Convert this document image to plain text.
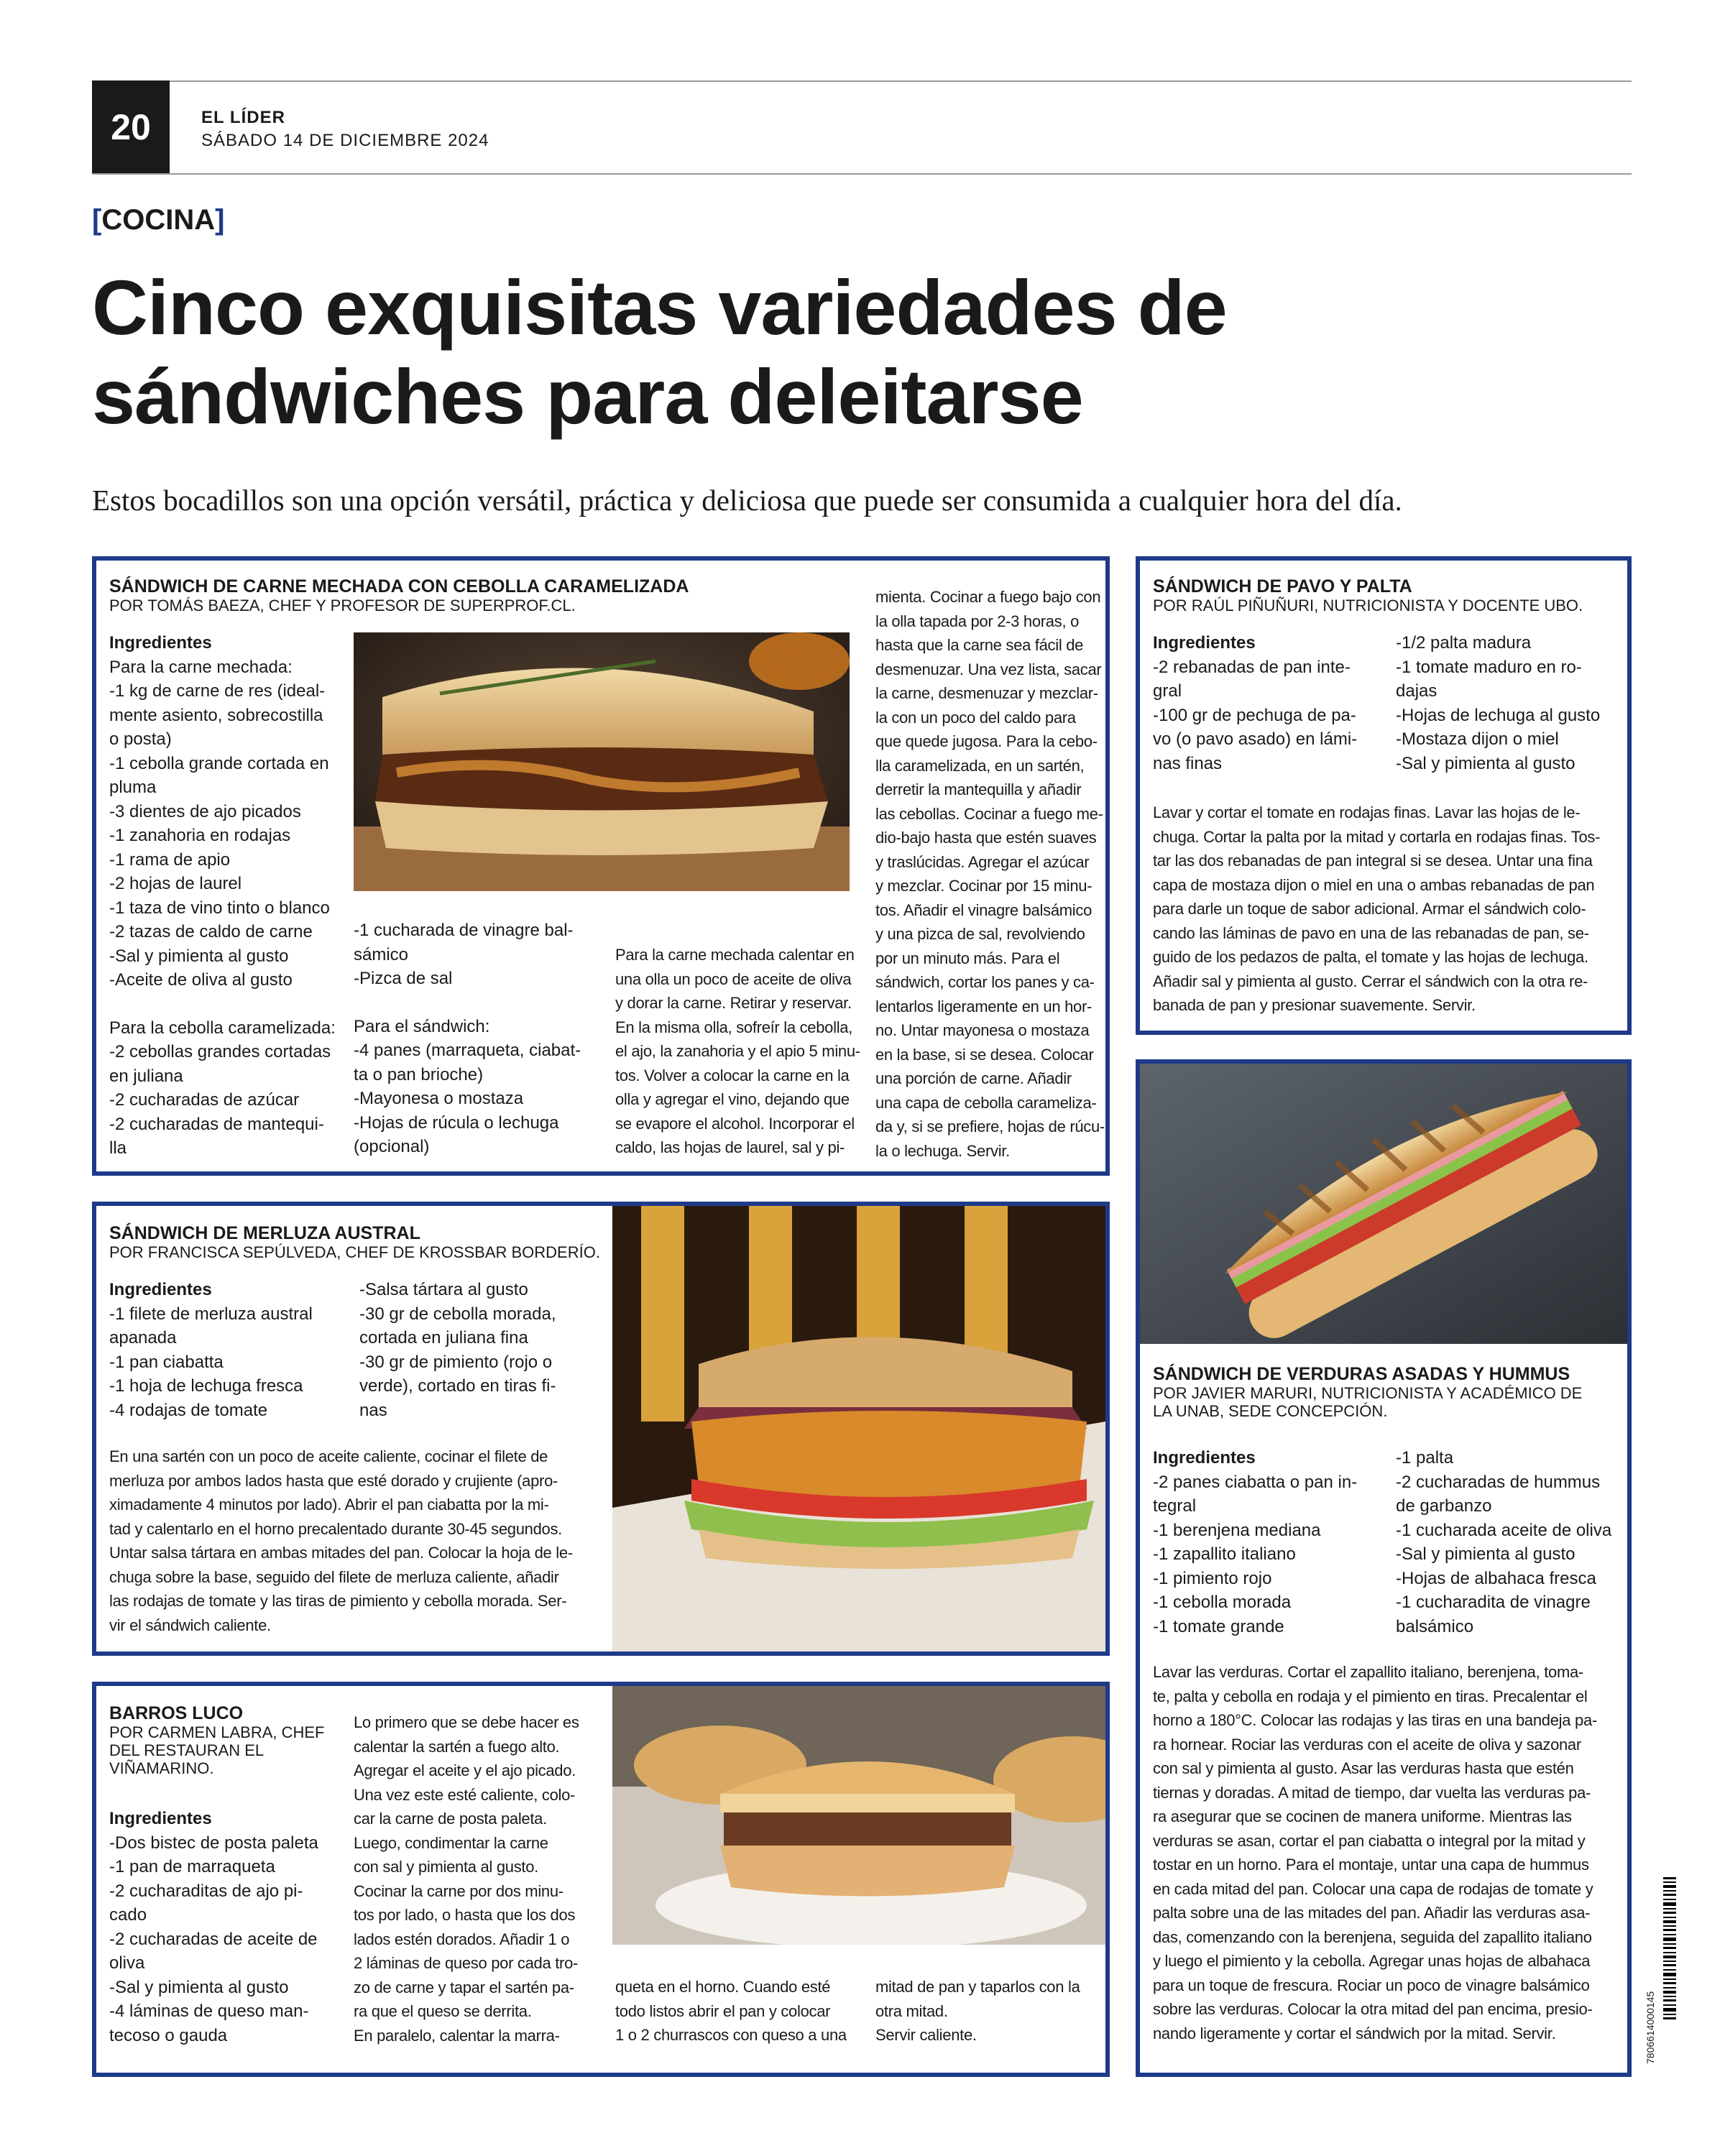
20	EL LÍDER
SÁBADO 14 DE DICIEMBRE 2024
[COCINA]
Cinco exquisitas variedades de
sándwiches para deleitarse
Estos bocadillos son una opción versátil, práctica y deliciosa que puede ser consumida a cualquier hora del día.
SÁNDWICH DE CARNE MECHADA CON CEBOLLA CARAMELIZADA
POR TOMÁS BAEZA, CHEF Y PROFESOR DE SUPERPROF.CL.
Ingredientes
Para la carne mechada:
-1 kg de carne de res (ideal-
mente asiento, sobrecostilla
o posta)
-1 cebolla grande cortada en
pluma
-3 dientes de ajo picados
-1 zanahoria en rodajas
-1 rama de apio
-2 hojas de laurel
-1 taza de vino tinto o blanco
-2 tazas de caldo de carne
-Sal y pimienta al gusto
-Aceite de oliva al gusto
Para la cebolla caramelizada:
-2 cebollas grandes cortadas
en juliana
-2 cucharadas de azúcar
-2 cucharadas de mantequi-
lla
-1 cucharada de vinagre bal-
sámico
-Pizca de sal
Para el sándwich:
-4 panes (marraqueta, ciabat-
ta o pan brioche)
-Mayonesa o mostaza
-Hojas de rúcula o lechuga
(opcional)
Para la carne mechada calentar en
una olla un poco de aceite de oliva
y dorar la carne. Retirar y reservar.
En la misma olla, sofreír la cebolla,
el ajo, la zanahoria y el apio 5 minu-
tos. Volver a colocar la carne en la
olla y agregar el vino, dejando que
se evapore el alcohol. Incorporar el
caldo, las hojas de laurel, sal y pi-
mienta. Cocinar a fuego bajo con
la olla tapada por 2-3 horas, o
hasta que la carne sea fácil de
desmenuzar. Una vez lista, sacar
la carne, desmenuzar y mezclar-
la con un poco del caldo para
que quede jugosa. Para la cebo-
lla caramelizada, en un sartén,
derretir la mantequilla y añadir
las cebollas. Cocinar a fuego me-
dio-bajo hasta que estén suaves
y traslúcidas. Agregar el azúcar
y mezclar. Cocinar por 15 minu-
tos. Añadir el vinagre balsámico
y una pizca de sal, revolviendo
por un minuto más. Para el
sándwich, cortar los panes y ca-
lentarlos ligeramente en un hor-
no. Untar mayonesa o mostaza
en la base, si se desea. Colocar
una porción de carne. Añadir
una capa de cebolla carameliza-
da y, si se prefiere, hojas de rúcu-
la o lechuga. Servir.
SÁNDWICH DE PAVO Y PALTA
POR RAÚL PIÑUÑURI, NUTRICIONISTA Y DOCENTE UBO.
Ingredientes
-2 rebanadas de pan inte-
gral
-100 gr de pechuga de pa-
vo (o pavo asado) en lámi-
nas finas
-1/2 palta madura
-1 tomate maduro en ro-
dajas
-Hojas de lechuga al gusto
-Mostaza dijon o miel
-Sal y pimienta al gusto
Lavar y cortar el tomate en rodajas finas. Lavar las hojas de le-
chuga. Cortar la palta por la mitad y cortarla en rodajas finas. Tos-
tar las dos rebanadas de pan integral si se desea. Untar una fina
capa de mostaza dijon o miel en una o ambas rebanadas de pan
para darle un toque de sabor adicional. Armar el sándwich colo-
cando las láminas de pavo en una de las rebanadas de pan, se-
guido de los pedazos de palta, el tomate y las hojas de lechuga.
Añadir sal y pimienta al gusto. Cerrar el sándwich con la otra re-
banada de pan y presionar suavemente. Servir.
SÁNDWICH DE VERDURAS ASADAS Y HUMMUS
POR JAVIER MARURI, NUTRICIONISTA Y ACADÉMICO DE
LA UNAB, SEDE CONCEPCIÓN.
Ingredientes
-2 panes ciabatta o pan in-
tegral
-1 berenjena mediana
-1 zapallito italiano
-1 pimiento rojo
-1 cebolla morada
-1 tomate grande
-1 palta
-2 cucharadas de hummus
de garbanzo
-1 cucharada aceite de oliva
-Sal y pimienta al gusto
-Hojas de albahaca fresca
-1 cucharadita de vinagre
balsámico
Lavar las verduras. Cortar el zapallito italiano, berenjena, toma-
te, palta y cebolla en rodaja y el pimiento en tiras. Precalentar el
horno a 180°C. Colocar las rodajas y las tiras en una bandeja pa-
ra hornear. Rociar las verduras con el aceite de oliva y sazonar
con sal y pimienta al gusto. Asar las verduras hasta que estén
tiernas y doradas. A mitad de tiempo, dar vuelta las verduras pa-
ra asegurar que se cocinen de manera uniforme. Mientras las
verduras se asan, cortar el pan ciabatta o integral por la mitad y
tostar en un horno. Para el montaje, untar una capa de hummus
en cada mitad del pan. Colocar una capa de rodajas de tomate y
palta sobre una de las mitades del pan. Añadir las verduras asa-
das, comenzando con la berenjena, seguida del zapallito italiano
y luego el pimiento y la cebolla. Agregar unas hojas de albahaca
para un toque de frescura. Rociar un poco de vinagre balsámico
sobre las verduras. Colocar la otra mitad del pan encima, presio-
nando ligeramente y cortar el sándwich por la mitad. Servir.
SÁNDWICH DE MERLUZA AUSTRAL
POR FRANCISCA SEPÚLVEDA, CHEF DE KROSSBAR BORDERÍO.
Ingredientes
-1 filete de merluza austral
apanada
-1 pan ciabatta
-1 hoja de lechuga fresca
-4 rodajas de tomate
-Salsa tártara al gusto
-30 gr de cebolla morada,
cortada en juliana fina
-30 gr de pimiento (rojo o
verde), cortado en tiras fi-
nas
En una sartén con un poco de aceite caliente, cocinar el filete de
merluza por ambos lados hasta que esté dorado y crujiente (apro-
ximadamente 4 minutos por lado). Abrir el pan ciabatta por la mi-
tad y calentarlo en el horno precalentado durante 30-45 segundos.
Untar salsa tártara en ambas mitades del pan. Colocar la hoja de le-
chuga sobre la base, seguido del filete de merluza caliente, añadir
las rodajas de tomate y las tiras de pimiento y cebolla morada. Ser-
vir el sándwich caliente.
BARROS LUCO
POR CARMEN LABRA, CHEF
DEL RESTAURAN EL
VIÑAMARINO.
Ingredientes
-Dos bistec de posta paleta
-1 pan de marraqueta
-2 cucharaditas de ajo pi-
cado
-2 cucharadas de aceite de
oliva
-Sal y pimienta al gusto
-4 láminas de queso man-
tecoso o gauda
Lo primero que se debe hacer es
calentar la sartén a fuego alto.
Agregar el aceite y el ajo picado.
Una vez este esté caliente, colo-
car la carne de posta paleta.
Luego, condimentar la carne
con sal y pimienta al gusto.
Cocinar la carne por dos minu-
tos por lado, o hasta que los dos
lados estén dorados. Añadir 1 o
2 láminas de queso por cada tro-
zo de carne y tapar el sartén pa-
ra que el queso se derrita.
En paralelo, calentar la marra-
queta en el horno. Cuando esté
todo listos abrir el pan y colocar
1 o 2 churrascos con queso a una
mitad de pan y taparlos con la
otra mitad.
Servir caliente.	7806614000145
